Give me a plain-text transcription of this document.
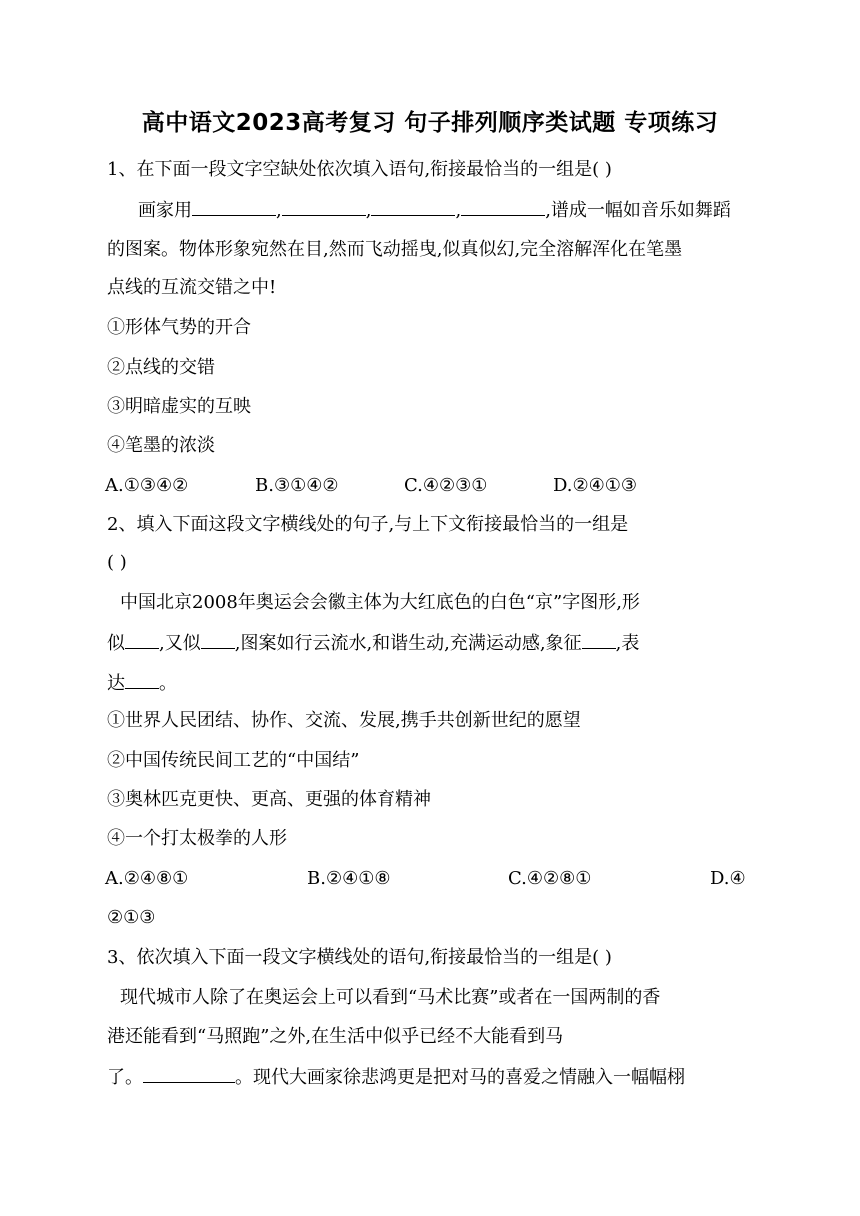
高中语文2023高考复习 句子排列顺序类试题 专项练习
1、在下面一段文字空缺处依次填入语句,衔接最恰当的一组是( )
画家用	,	,	,	,谱成一幅如音乐如舞蹈
的图案。物体形象宛然在目,然而飞动摇曳,似真似幻,完全溶解浑化在笔墨
点线的互流交错之中!
①形体气势的开合
②点线的交错
③明暗虚实的互映
④笔墨的浓淡
A.①③④②	B.③①④②	C.④②③①	D.②④①③
2、填入下面这段文字横线处的句子,与上下文衔接最恰当的一组是
( )
中国北京2008年奥运会会徽主体为大红底色的白色“京”字图形,形
似 ,又似 ,图案如行云流水,和谐生动,充满运动感,象征 ,表
达 。
①世界人民团结、协作、交流、发展,携手共创新世纪的愿望
②中国传统民间工艺的“中国结”
③奥林匹克更快、更高、更强的体育精神
④一个打太极拳的人形
A.②④⑧①	B.②④①⑧	C.④②⑧①	D.④
②①③
3、依次填入下面一段文字横线处的语句,衔接最恰当的一组是( )
现代城市人除了在奥运会上可以看到“马术比赛”或者在一国两制的香
港还能看到“马照跑”之外,在生活中似乎已经不大能看到马
了。	。现代大画家徐悲鸿更是把对马的喜爱之情融入一幅幅栩
